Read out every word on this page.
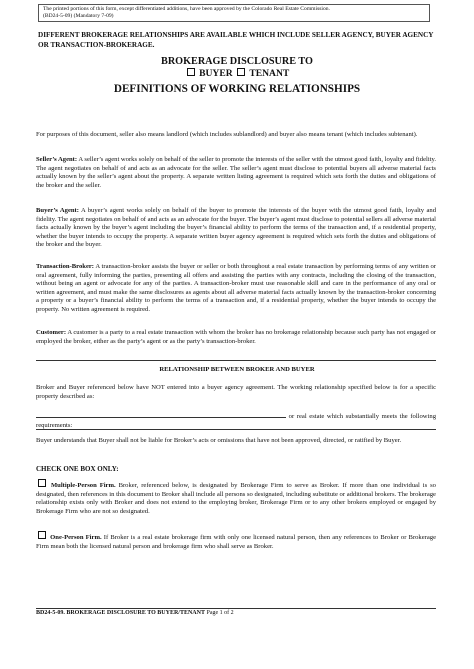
The printed portions of this form, except differentiated additions, have been approved by the Colorado Real Estate Commission.
(BD24-5-09) (Mandatory 7-09)
DIFFERENT BROKERAGE RELATIONSHIPS ARE AVAILABLE WHICH INCLUDE SELLER AGENCY, BUYER AGENCY OR TRANSACTION-BROKERAGE.
BROKERAGE DISCLOSURE TO
BUYER TENANT
DEFINITIONS OF WORKING RELATIONSHIPS
For purposes of this document, seller also means landlord (which includes sublandlord) and buyer also means tenant (which includes subtenant).
Seller’s Agent: A seller’s agent works solely on behalf of the seller to promote the interests of the seller with the utmost good faith, loyalty and fidelity. The agent negotiates on behalf of and acts as an advocate for the seller. The seller’s agent must disclose to potential buyers all adverse material facts actually known by the seller’s agent about the property. A separate written listing agreement is required which sets forth the duties and obligations of the broker and the seller.
Buyer’s Agent: A buyer’s agent works solely on behalf of the buyer to promote the interests of the buyer with the utmost good faith, loyalty and fidelity. The agent negotiates on behalf of and acts as an advocate for the buyer. The buyer’s agent must disclose to potential sellers all adverse material facts actually known by the buyer’s agent including the buyer’s financial ability to perform the terms of the transaction and, if a residential property, whether the buyer intends to occupy the property. A separate written buyer agency agreement is required which sets forth the duties and obligations of the broker and the buyer.
Transaction-Broker: A transaction-broker assists the buyer or seller or both throughout a real estate transaction by performing terms of any written or oral agreement, fully informing the parties, presenting all offers and assisting the parties with any contracts, including the closing of the transaction, without being an agent or advocate for any of the parties. A transaction-broker must use reasonable skill and care in the performance of any oral or written agreement, and must make the same disclosures as agents about all adverse material facts actually known by the transaction-broker concerning a property or a buyer’s financial ability to perform the terms of a transaction and, if a residential property, whether the buyer intends to occupy the property. No written agreement is required.
Customer: A customer is a party to a real estate transaction with whom the broker has no brokerage relationship because such party has not engaged or employed the broker, either as the party’s agent or as the party’s transaction-broker.
RELATIONSHIP BETWEEN BROKER AND BUYER
Broker and Buyer referenced below have NOT entered into a buyer agency agreement. The working relationship specified below is for a specific property described as:
or real estate which substantially meets the following requirements:
Buyer understands that Buyer shall not be liable for Broker’s acts or omissions that have not been approved, directed, or ratified by Buyer.
CHECK ONE BOX ONLY:
Multiple-Person Firm. Broker, referenced below, is designated by Brokerage Firm to serve as Broker. If more than one individual is so designated, then references in this document to Broker shall include all persons so designated, including substitute or additional brokers. The brokerage relationship exists only with Broker and does not extend to the employing broker, Brokerage Firm or to any other brokers employed or engaged by Brokerage Firm who are not so designated.
One-Person Firm. If Broker is a real estate brokerage firm with only one licensed natural person, then any references to Broker or Brokerage Firm mean both the licensed natural person and brokerage firm who shall serve as Broker.
BD24-5-09. BROKERAGE DISCLOSURE TO BUYER/TENANT Page 1 of 2
